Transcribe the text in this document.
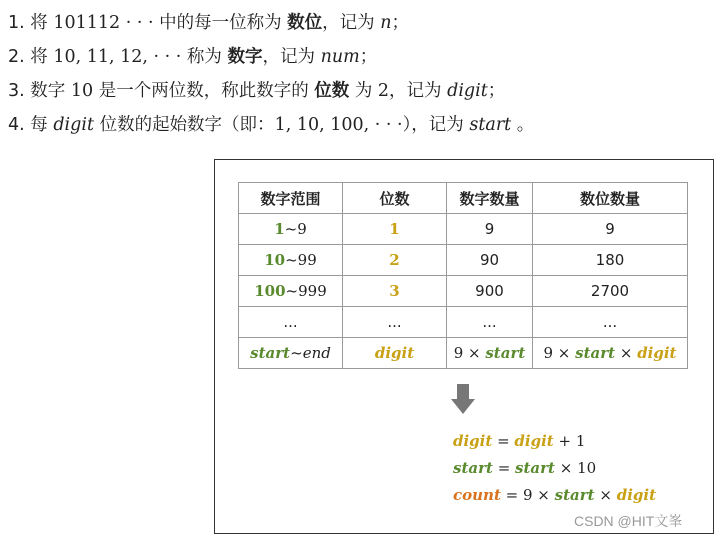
1. 将 101112 · · · 中的每一位称为 数位，记为 n；
2. 将 10, 11, 12, · · · 称为 数字，记为 num；
3. 数字 10 是一个两位数，称此数字的 位数 为 2，记为 digit；
4. 每 digit 位数的起始数字（即：1, 10, 100, · · ·），记为 start 。
数字范围	位数	数字数量	数位数量
1~9	1	9	9
10~99	2	90	180
100~999	3	900	2700
...	...	...	...
start~end	digit	9 × start	9 × start × digit
digit = digit + 1
start = start × 10
count = 9 × start × digit
CSDN @HIT文峯
